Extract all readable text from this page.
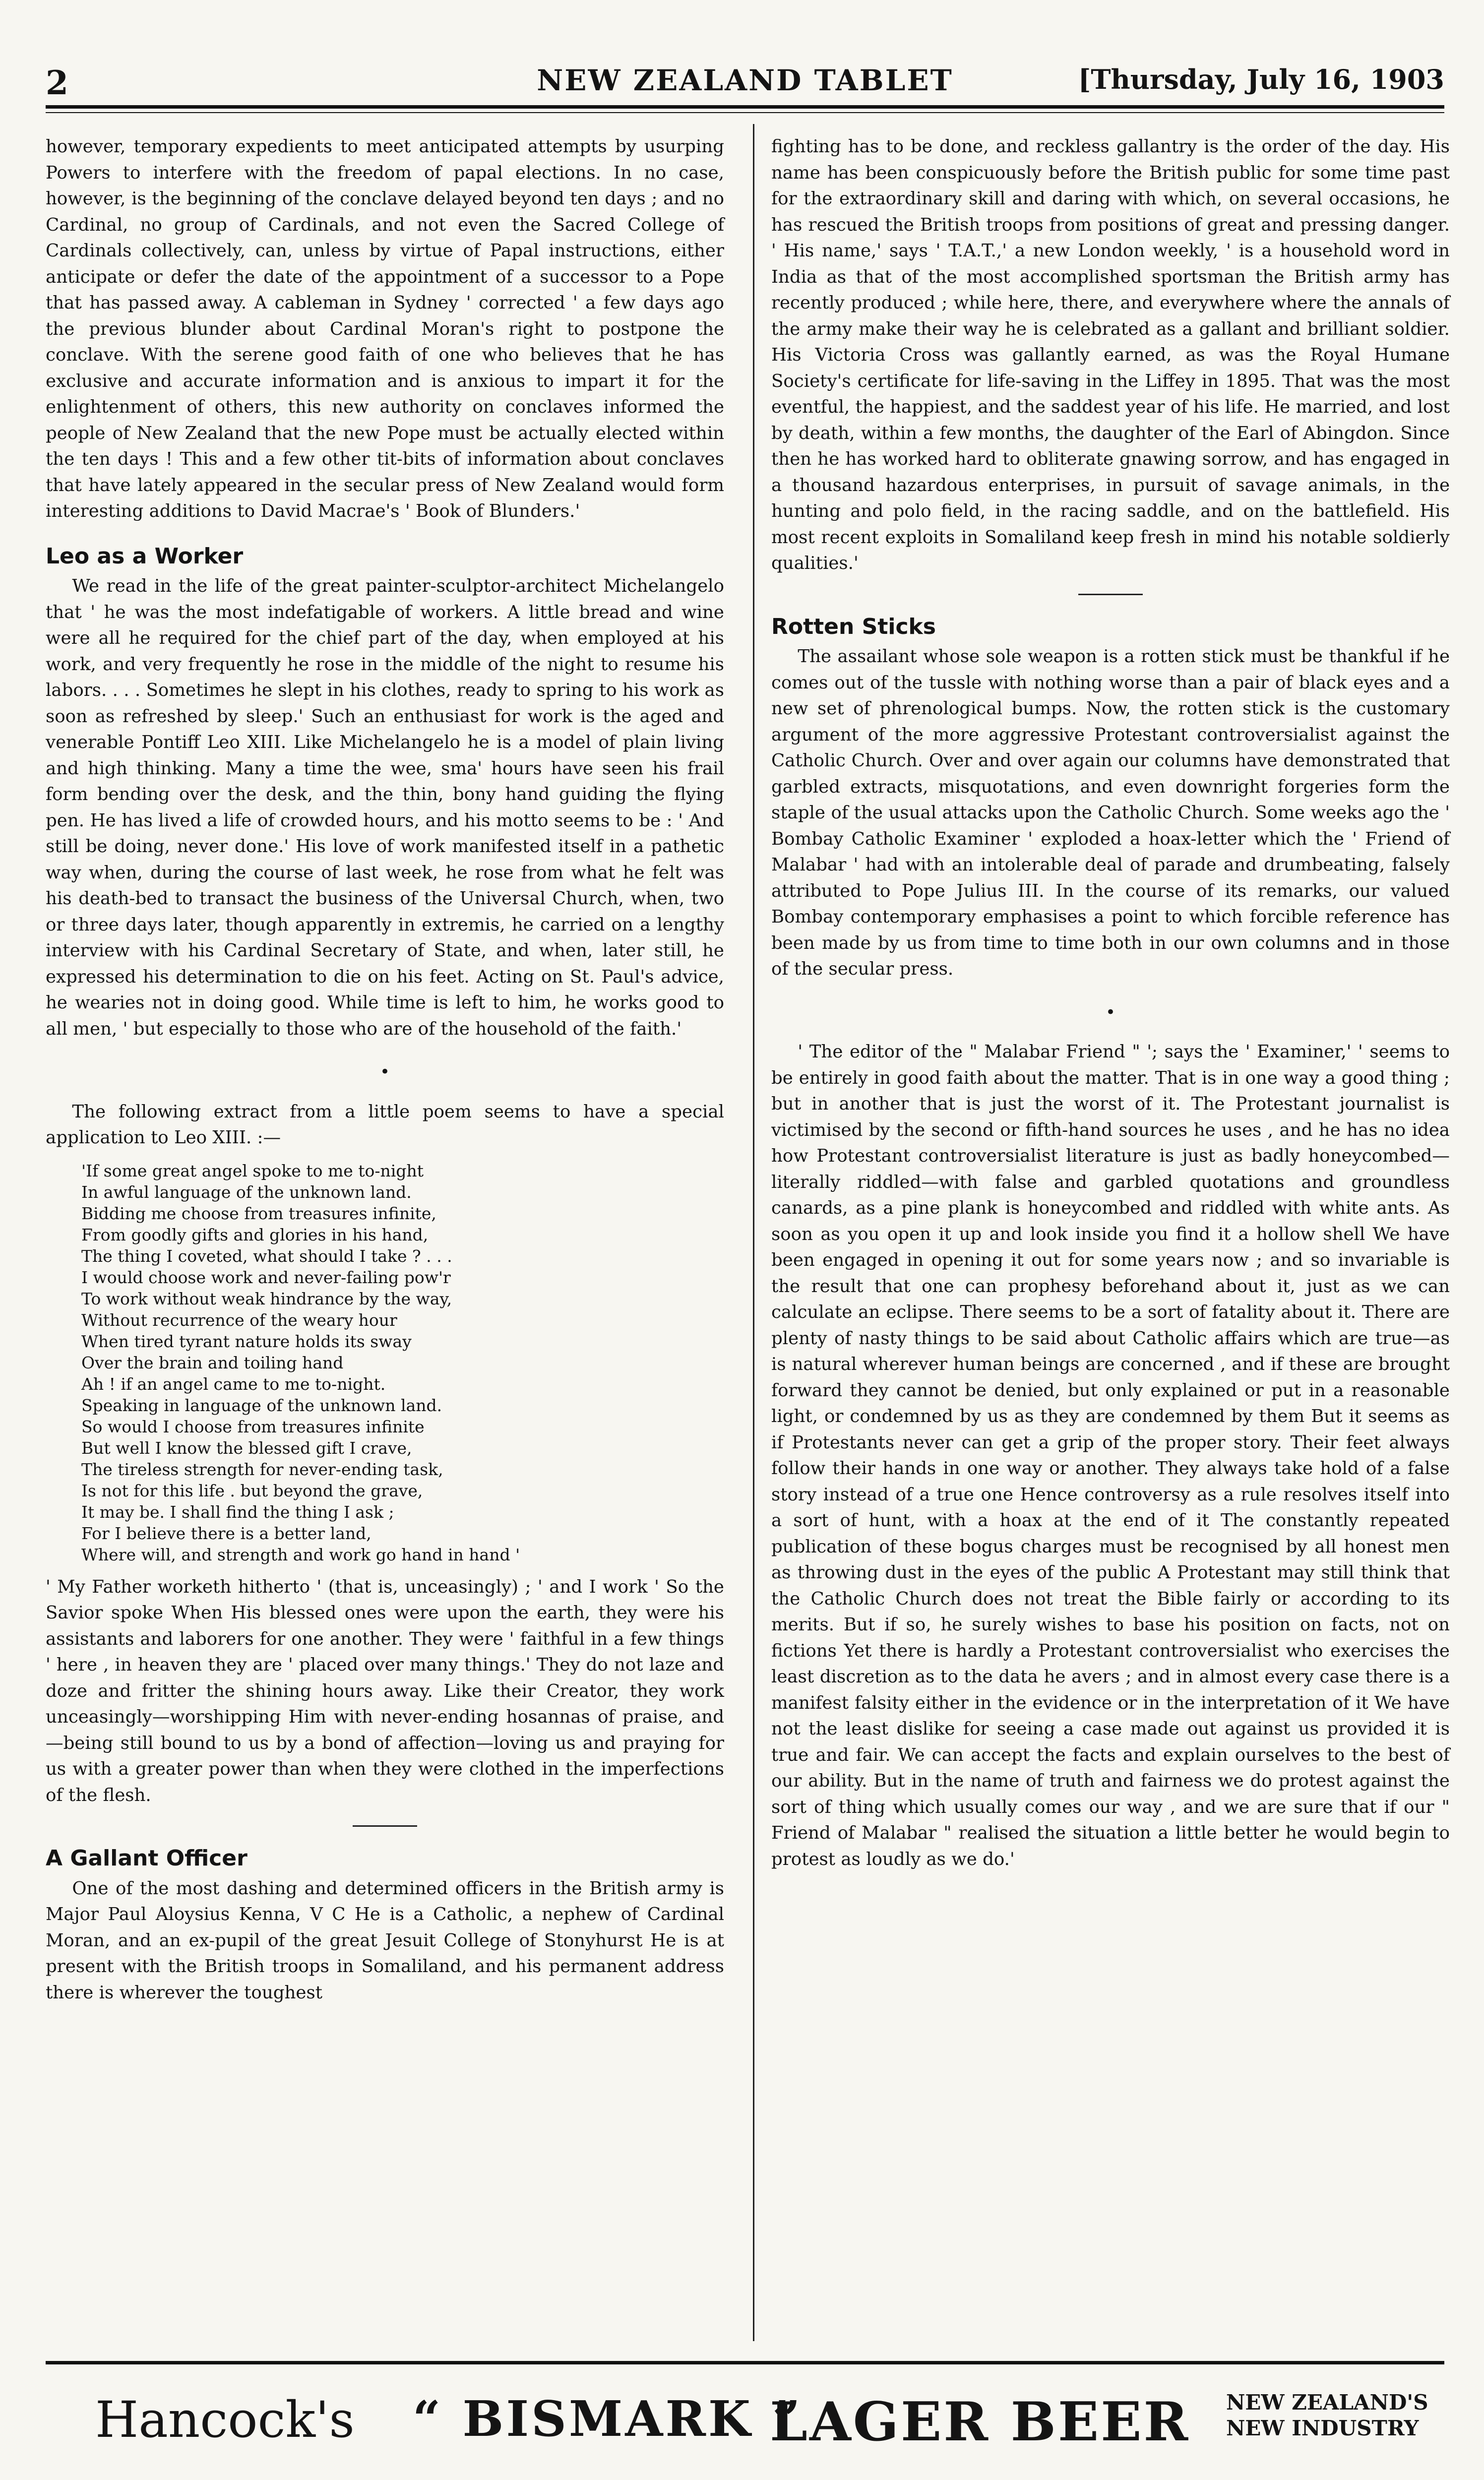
2	NEW ZEALAND TABLET	[Thursday, July 16, 1903

however, temporary expedients to meet anticipated attempts by usurping Powers to interfere with the freedom of papal elections. In no case, however, is the beginning of the conclave delayed beyond ten days ; and no Cardinal, no group of Cardinals, and not even the Sacred College of Cardinals collectively, can, unless by virtue of Papal instructions, either anticipate or defer the date of the appointment of a successor to a Pope that has passed away. A cableman in Sydney ' corrected ' a few days ago the previous blunder about Cardinal Moran's right to postpone the conclave. With the serene good faith of one who believes that he has exclusive and accurate information and is anxious to impart it for the enlightenment of others, this new authority on conclaves informed the people of New Zealand that the new Pope must be actually elected within the ten days ! This and a few other tit-bits of information about conclaves that have lately appeared in the secular press of New Zealand would form interesting additions to David Macrae's ' Book of Blunders.'

Leo as a Worker

We read in the life of the great painter-sculptor-architect Michelangelo that ' he was the most indefatigable of workers. A little bread and wine were all he required for the chief part of the day, when employed at his work, and very frequently he rose in the middle of the night to resume his labors. . . . Sometimes he slept in his clothes, ready to spring to his work as soon as refreshed by sleep.' Such an enthusiast for work is the aged and venerable Pontiff Leo XIII. Like Michelangelo he is a model of plain living and high thinking. Many a time the wee, sma' hours have seen his frail form bending over the desk, and the thin, bony hand guiding the flying pen. He has lived a life of crowded hours, and his motto seems to be : ' And still be doing, never done.' His love of work manifested itself in a pathetic way when, during the course of last week, he rose from what he felt was his death-bed to transact the business of the Universal Church, when, two or three days later, though apparently in extremis, he carried on a lengthy interview with his Cardinal Secretary of State, and when, later still, he expressed his determination to die on his feet. Acting on St. Paul's advice, he wearies not in doing good. While time is left to him, he works good to all men, ' but especially to those who are of the household of the faith.'

•

The following extract from a little poem seems to have a special application to Leo XIII. :—

'If some great angel spoke to me to-night
In awful language of the unknown land.
Bidding me choose from treasures infinite,
From goodly gifts and glories in his hand,
The thing I coveted, what should I take ? . . .
I would choose work and never-failing pow'r
To work without weak hindrance by the way,
Without recurrence of the weary hour
When tired tyrant nature holds its sway
Over the brain and toiling hand
Ah ! if an angel came to me to-night.
Speaking in language of the unknown land.
So would I choose from treasures infinite
But well I know the blessed gift I crave,
The tireless strength for never-ending task,
Is not for this life . but beyond the grave,
It may be. I shall find the thing I ask ;
For I believe there is a better land,
Where will, and strength and work go hand in hand '

' My Father worketh hitherto ' (that is, unceasingly) ; ' and I work ' So the Savior spoke When His blessed ones were upon the earth, they were his assistants and laborers for one another. They were ' faithful in a few things ' here , in heaven they are ' placed over many things.' They do not laze and doze and fritter the shining hours away. Like their Creator, they work unceasingly—worshipping Him with never-ending hosannas of praise, and—being still bound to us by a bond of affection—loving us and praying for us with a greater power than when they were clothed in the imperfections of the flesh.

A Gallant Officer

One of the most dashing and determined officers in the British army is Major Paul Aloysius Kenna, V C He is a Catholic, a nephew of Cardinal Moran, and an ex-pupil of the great Jesuit College of Stonyhurst He is at present with the British troops in Somaliland, and his permanent address there is wherever the toughest

fighting has to be done, and reckless gallantry is the order of the day. His name has been conspicuously before the British public for some time past for the extraordinary skill and daring with which, on several occasions, he has rescued the British troops from positions of great and pressing danger. ' His name,' says ' T.A.T.,' a new London weekly, ' is a household word in India as that of the most accomplished sportsman the British army has recently produced ; while here, there, and everywhere where the annals of the army make their way he is celebrated as a gallant and brilliant soldier. His Victoria Cross was gallantly earned, as was the Royal Humane Society's certificate for life-saving in the Liffey in 1895. That was the most eventful, the happiest, and the saddest year of his life. He married, and lost by death, within a few months, the daughter of the Earl of Abingdon. Since then he has worked hard to obliterate gnawing sorrow, and has engaged in a thousand hazardous enterprises, in pursuit of savage animals, in the hunting and polo field, in the racing saddle, and on the battlefield. His most recent exploits in Somaliland keep fresh in mind his notable soldierly qualities.'

Rotten Sticks

The assailant whose sole weapon is a rotten stick must be thankful if he comes out of the tussle with nothing worse than a pair of black eyes and a new set of phrenological bumps. Now, the rotten stick is the customary argument of the more aggressive Protestant controversialist against the Catholic Church. Over and over again our columns have demonstrated that garbled extracts, misquotations, and even downright forgeries form the staple of the usual attacks upon the Catholic Church. Some weeks ago the ' Bombay Catholic Examiner ' exploded a hoax-letter which the ' Friend of Malabar ' had with an intolerable deal of parade and drumbeating, falsely attributed to Pope Julius III. In the course of its remarks, our valued Bombay contemporary emphasises a point to which forcible reference has been made by us from time to time both in our own columns and in those of the secular press.

•

' The editor of the " Malabar Friend " '; says the ' Examiner,' ' seems to be entirely in good faith about the matter. That is in one way a good thing ; but in another that is just the worst of it. The Protestant journalist is victimised by the second or fifth-hand sources he uses , and he has no idea how Protestant controversialist literature is just as badly honeycombed—literally riddled—with false and garbled quotations and groundless canards, as a pine plank is honeycombed and riddled with white ants. As soon as you open it up and look inside you find it a hollow shell We have been engaged in opening it out for some years now ; and so invariable is the result that one can prophesy beforehand about it, just as we can calculate an eclipse. There seems to be a sort of fatality about it. There are plenty of nasty things to be said about Catholic affairs which are true—as is natural wherever human beings are concerned , and if these are brought forward they cannot be denied, but only explained or put in a reasonable light, or condemned by us as they are condemned by them But it seems as if Protestants never can get a grip of the proper story. Their feet always follow their hands in one way or another. They always take hold of a false story instead of a true one Hence controversy as a rule resolves itself into a sort of hunt, with a hoax at the end of it The constantly repeated publication of these bogus charges must be recognised by all honest men as throwing dust in the eyes of the public A Protestant may still think that the Catholic Church does not treat the Bible fairly or according to its merits. But if so, he surely wishes to base his position on facts, not on fictions Yet there is hardly a Protestant controversialist who exercises the least discretion as to the data he avers ; and in almost every case there is a manifest falsity either in the evidence or in the interpretation of it We have not the least dislike for seeing a case made out against us provided it is true and fair. We can accept the facts and explain ourselves to the best of our ability. But in the name of truth and fairness we do protest against the sort of thing which usually comes our way , and we are sure that if our " Friend of Malabar " realised the situation a little better he would begin to protest as loudly as we do.'

Hancock's “ BISMARK ”
LAGER BEER NEW ZEALAND'S
NEW INDUSTRY
